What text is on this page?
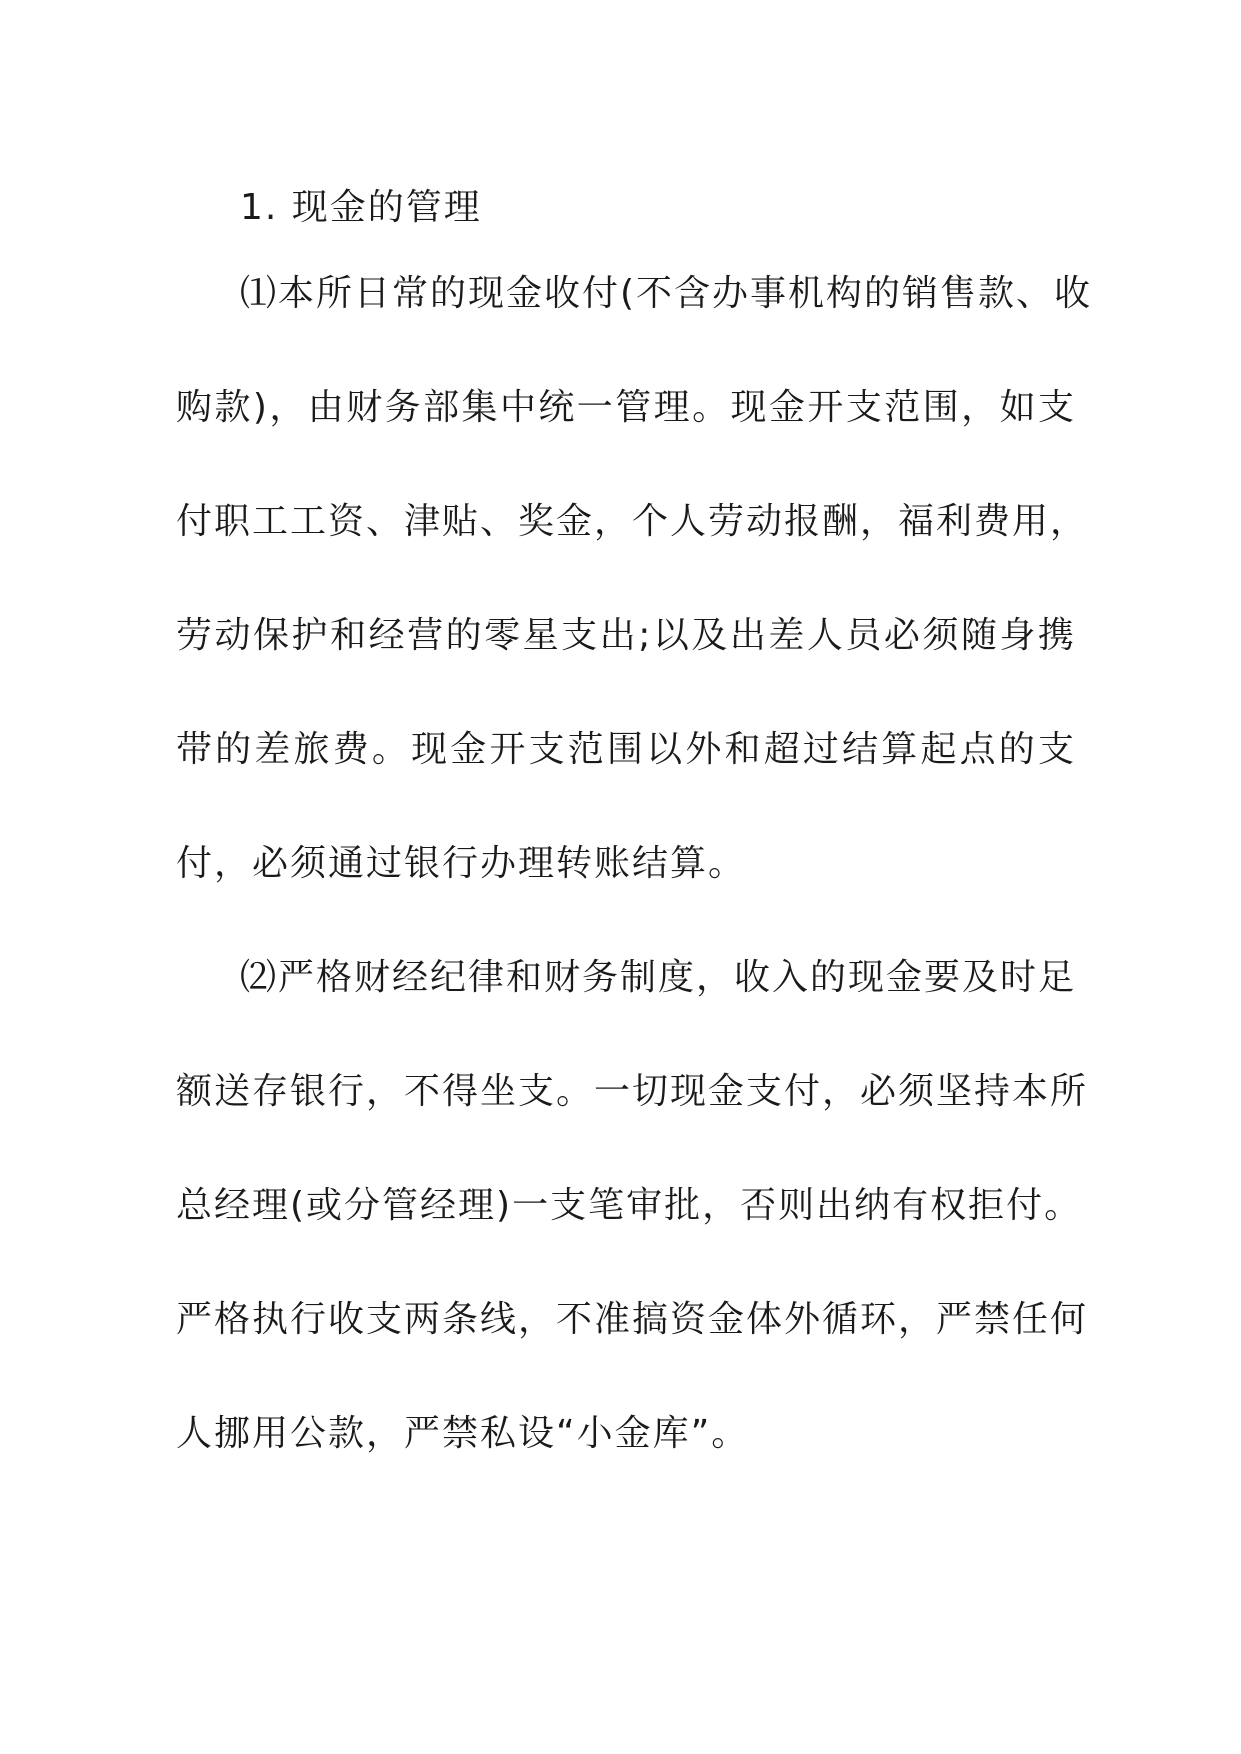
1. 现金的管理

⑴本所日常的现金收付(不含办事机构的销售款、收

购款)，由财务部集中统一管理。现金开支范围，如支

付职工工资、津贴、奖金，个人劳动报酬，福利费用，

劳动保护和经营的零星支出;以及出差人员必须随身携

带的差旅费。现金开支范围以外和超过结算起点的支

付，必须通过银行办理转账结算。

⑵严格财经纪律和财务制度，收入的现金要及时足

额送存银行，不得坐支。一切现金支付，必须坚持本所

总经理(或分管经理)一支笔审批，否则出纳有权拒付。

严格执行收支两条线，不准搞资金体外循环，严禁任何

人挪用公款，严禁私设“小金库”。
